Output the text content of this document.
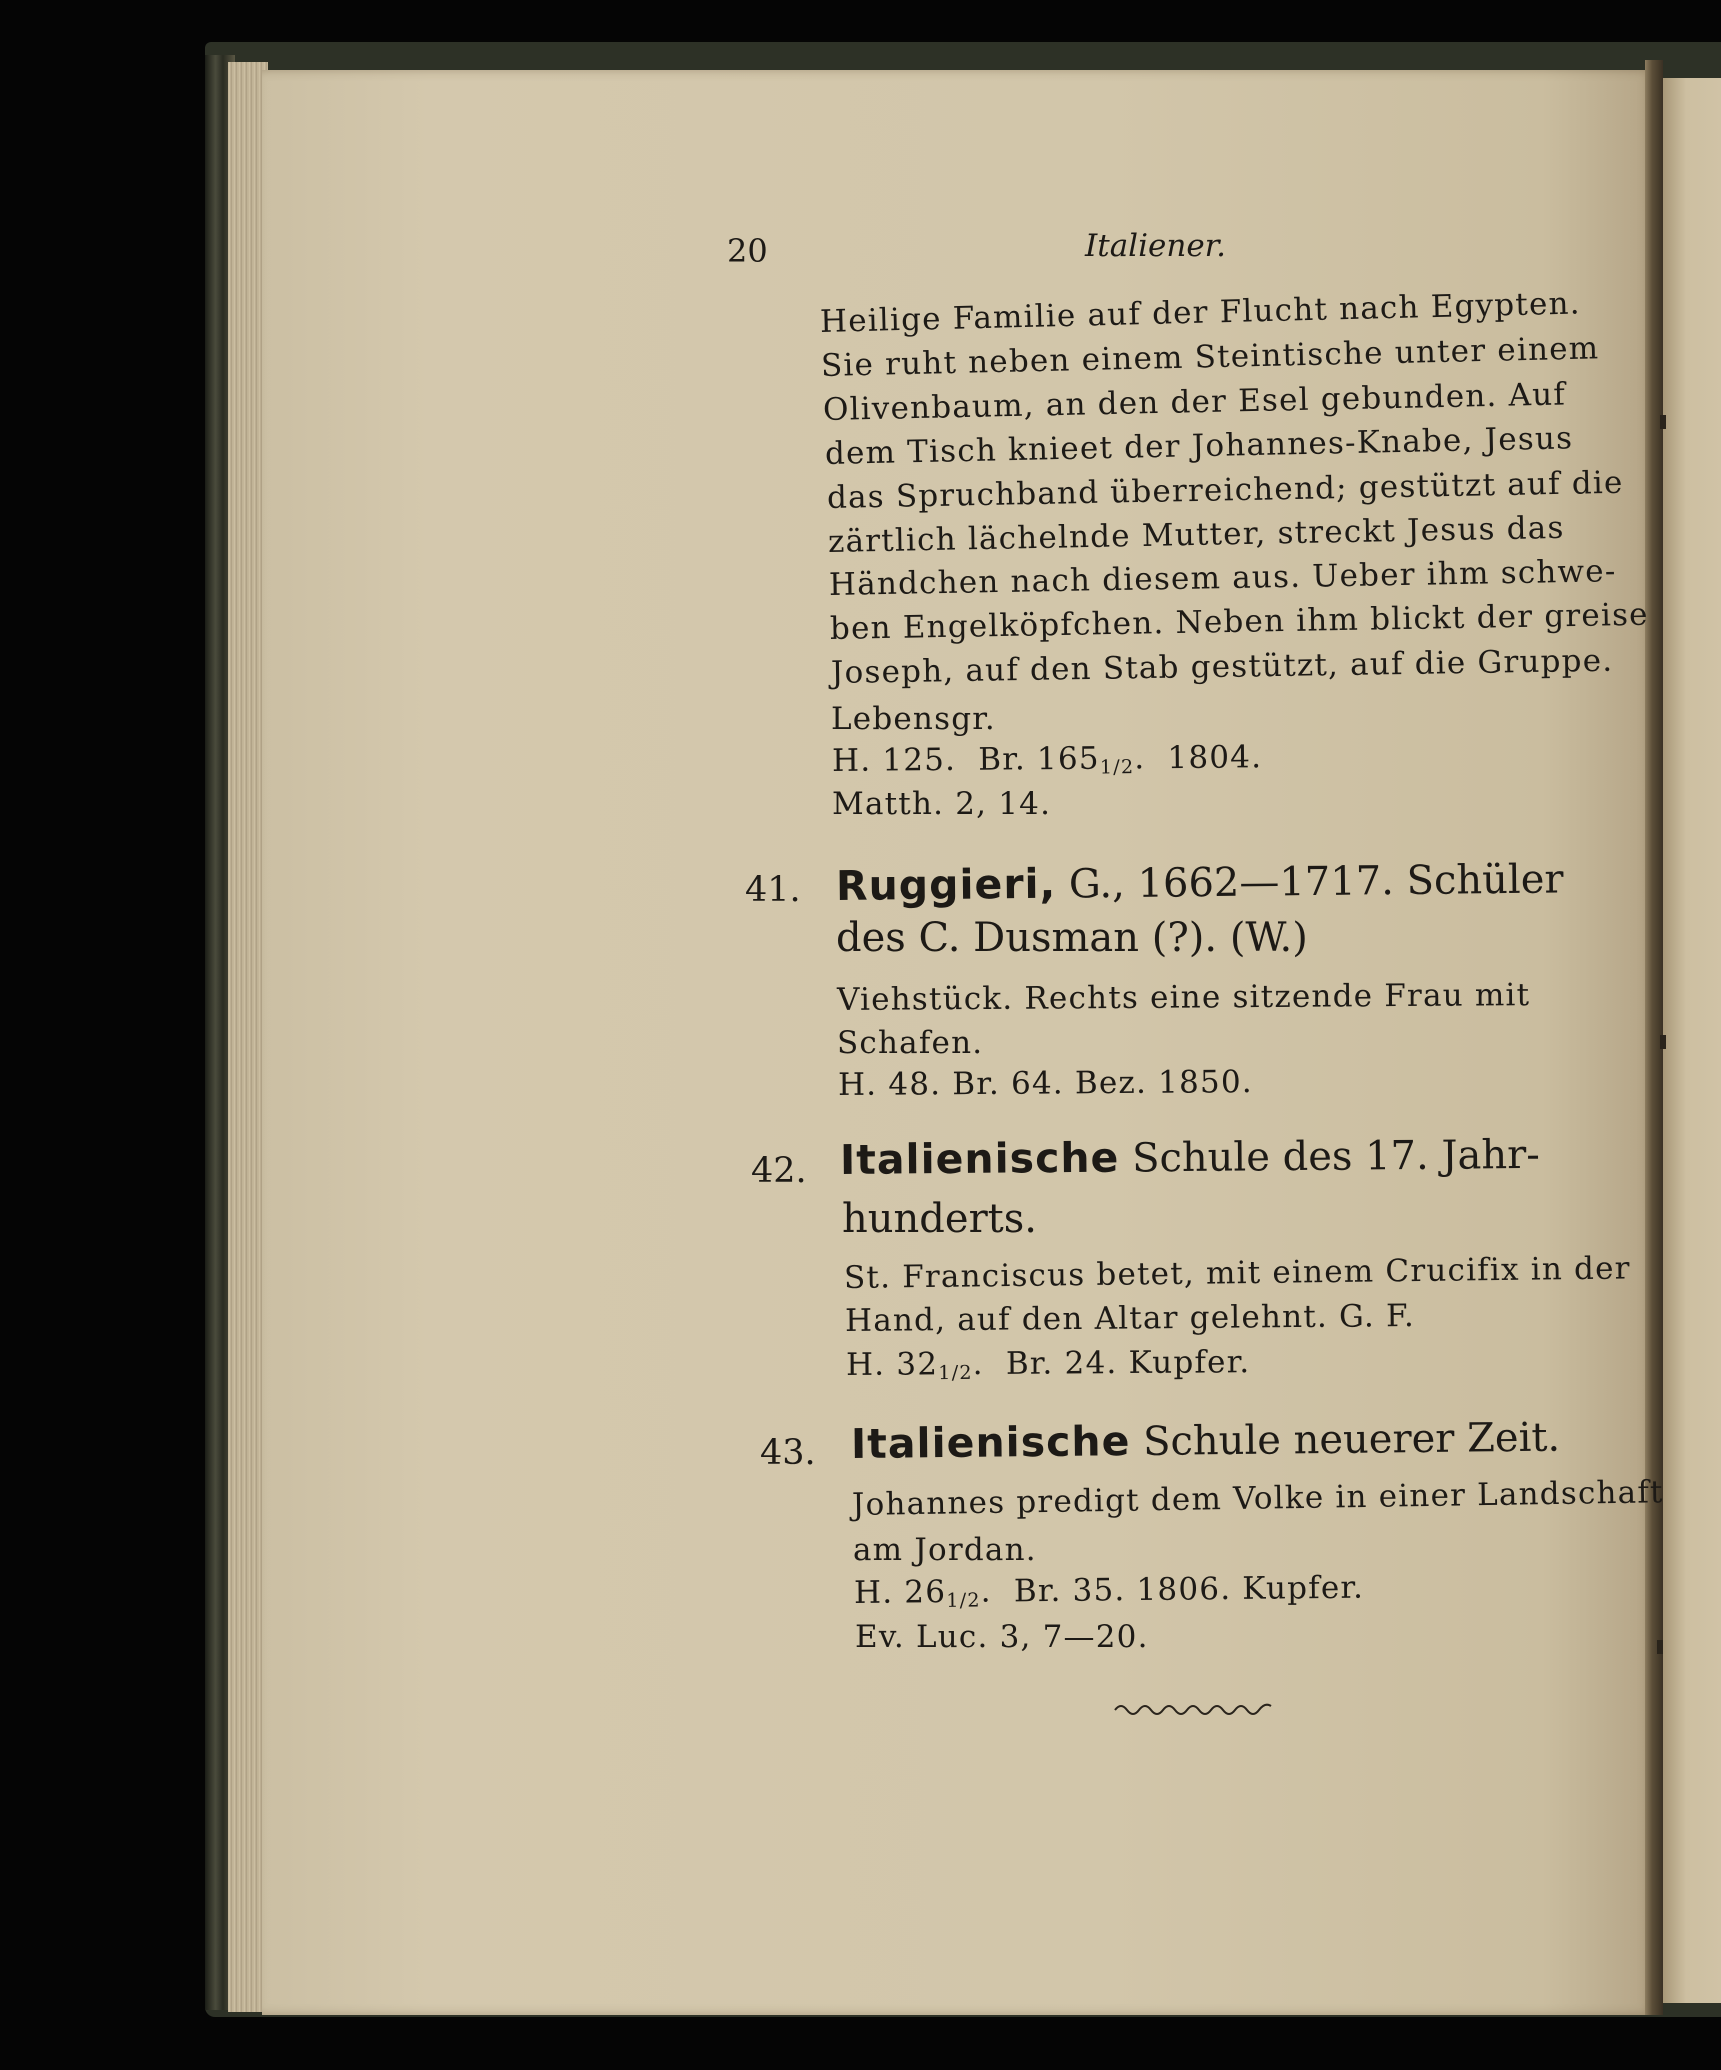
20	Italiener.
Heilige Familie auf der Flucht nach Egypten.
Sie ruht neben einem Steintische unter einem
Olivenbaum, an den der Esel gebunden. Auf
dem Tisch knieet der Johannes-Knabe, Jesus
das Spruchband überreichend; gestützt auf die
zärtlich lächelnde Mutter, streckt Jesus das
Händchen nach diesem aus. Ueber ihm schwe-
ben Engelköpfchen. Neben ihm blickt der greise
Joseph, auf den Stab gestützt, auf die Gruppe.
Lebensgr.
H. 125. Br. $165_{1/2}$. 1804.
Matth. 2, 14.
41. Ruggieri, G., 1662—1717. Schüler
des C. Dusman (?). (W.)
Viehstück. Rechts eine sitzende Frau mit
Schafen.
H. 48. Br. 64. Bez. 1850.
42. Italienische Schule des 17. Jahr-
hunderts.
St. Franciscus betet, mit einem Crucifix in der
Hand, auf den Altar gelehnt. G. F.
H. $32_{1/2}$. Br. 24. Kupfer.
43. Italienische Schule neuerer Zeit.
Johannes predigt dem Volke in einer Landschaft
am Jordan.
H. $26_{1/2}$. Br. 35. 1806. Kupfer.
Ev. Luc. 3, 7—20.
